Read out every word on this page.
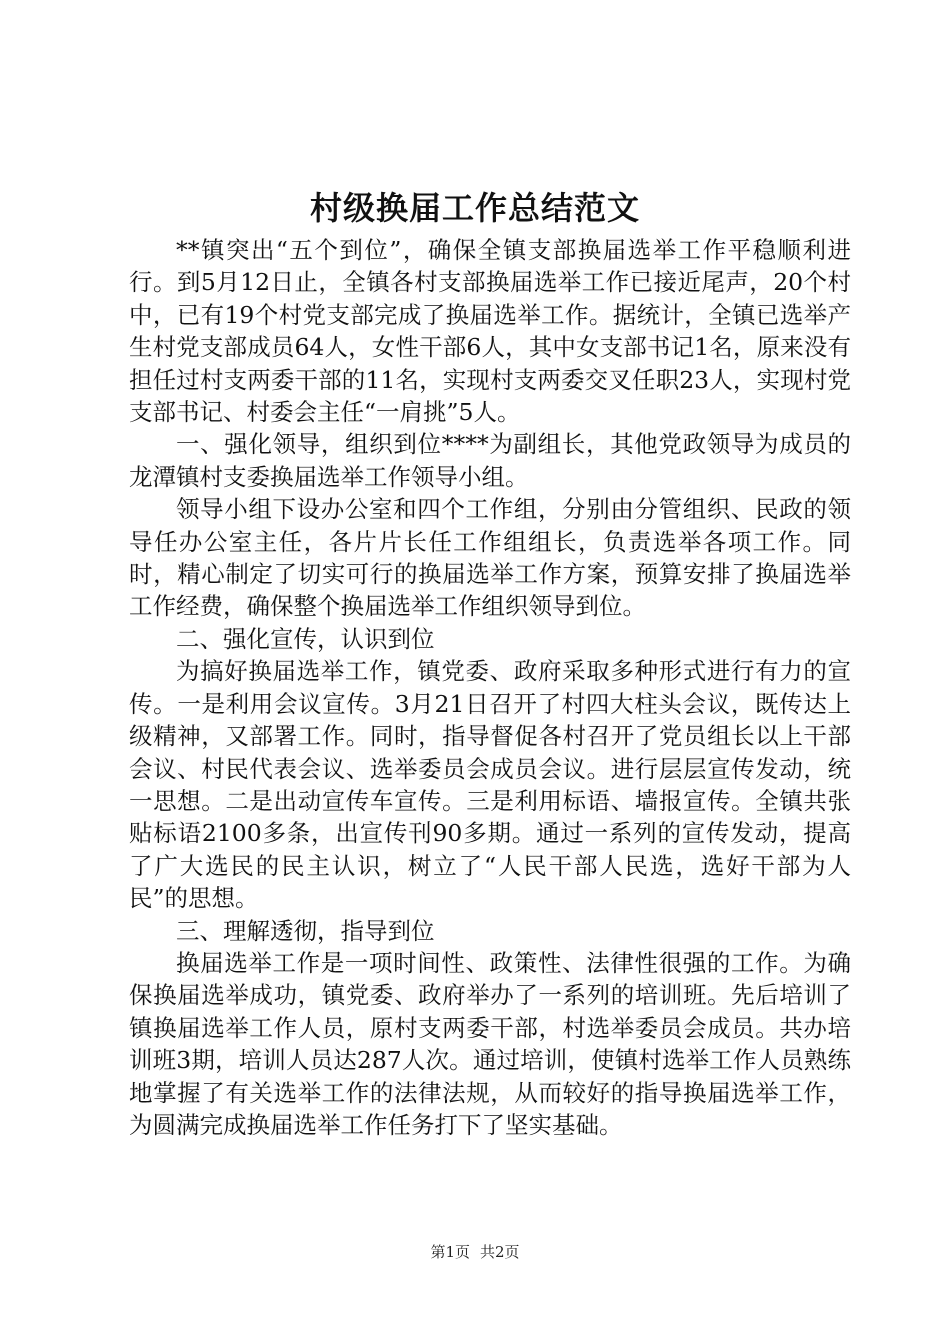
村级换届工作总结范文

**镇突出“五个到位”，确保全镇支部换届选举工作平稳顺利进行。到5月12日止，全镇各村支部换届选举工作已接近尾声，20个村中，已有19个村党支部完成了换届选举工作。据统计，全镇已选举产生村党支部成员64人，女性干部6人，其中女支部书记1名，原来没有担任过村支两委干部的11名，实现村支两委交叉任职23人，实现村党支部书记、村委会主任“一肩挑”5人。

一、强化领导，组织到位****为副组长，其他党政领导为成员的龙潭镇村支委换届选举工作领导小组。

领导小组下设办公室和四个工作组，分别由分管组织、民政的领导任办公室主任，各片片长任工作组组长，负责选举各项工作。同时，精心制定了切实可行的换届选举工作方案，预算安排了换届选举工作经费，确保整个换届选举工作组织领导到位。

二、强化宣传，认识到位

为搞好换届选举工作，镇党委、政府采取多种形式进行有力的宣传。一是利用会议宣传。3月21日召开了村四大柱头会议，既传达上级精神，又部署工作。同时，指导督促各村召开了党员组长以上干部会议、村民代表会议、选举委员会成员会议。进行层层宣传发动，统一思想。二是出动宣传车宣传。三是利用标语、墙报宣传。全镇共张贴标语2100多条，出宣传刊90多期。通过一系列的宣传发动，提高了广大选民的民主认识，树立了“人民干部人民选，选好干部为人民”的思想。

三、理解透彻，指导到位

换届选举工作是一项时间性、政策性、法律性很强的工作。为确保换届选举成功，镇党委、政府举办了一系列的培训班。先后培训了镇换届选举工作人员，原村支两委干部，村选举委员会成员。共办培训班3期，培训人员达287人次。通过培训，使镇村选举工作人员熟练地掌握了有关选举工作的法律法规，从而较好的指导换届选举工作，为圆满完成换届选举工作任务打下了坚实基础。

第1页 共2页
